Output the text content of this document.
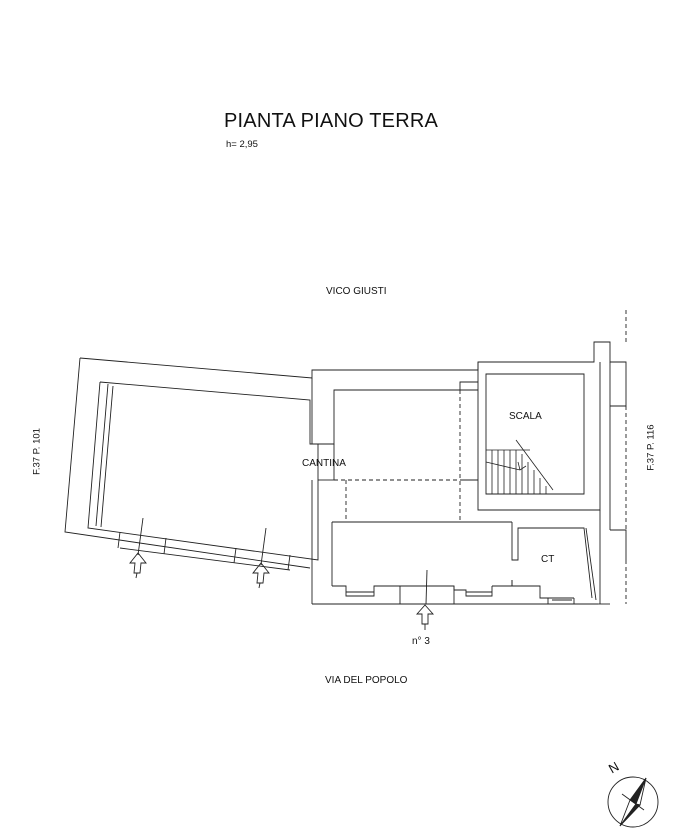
PIANTA PIANO TERRA
h= 2,95
VICO GIUSTI
VIA DEL POPOLO
CANTINA
SCALA
CT
n° 3
F.37 P. 101	F.37 P. 116
N
